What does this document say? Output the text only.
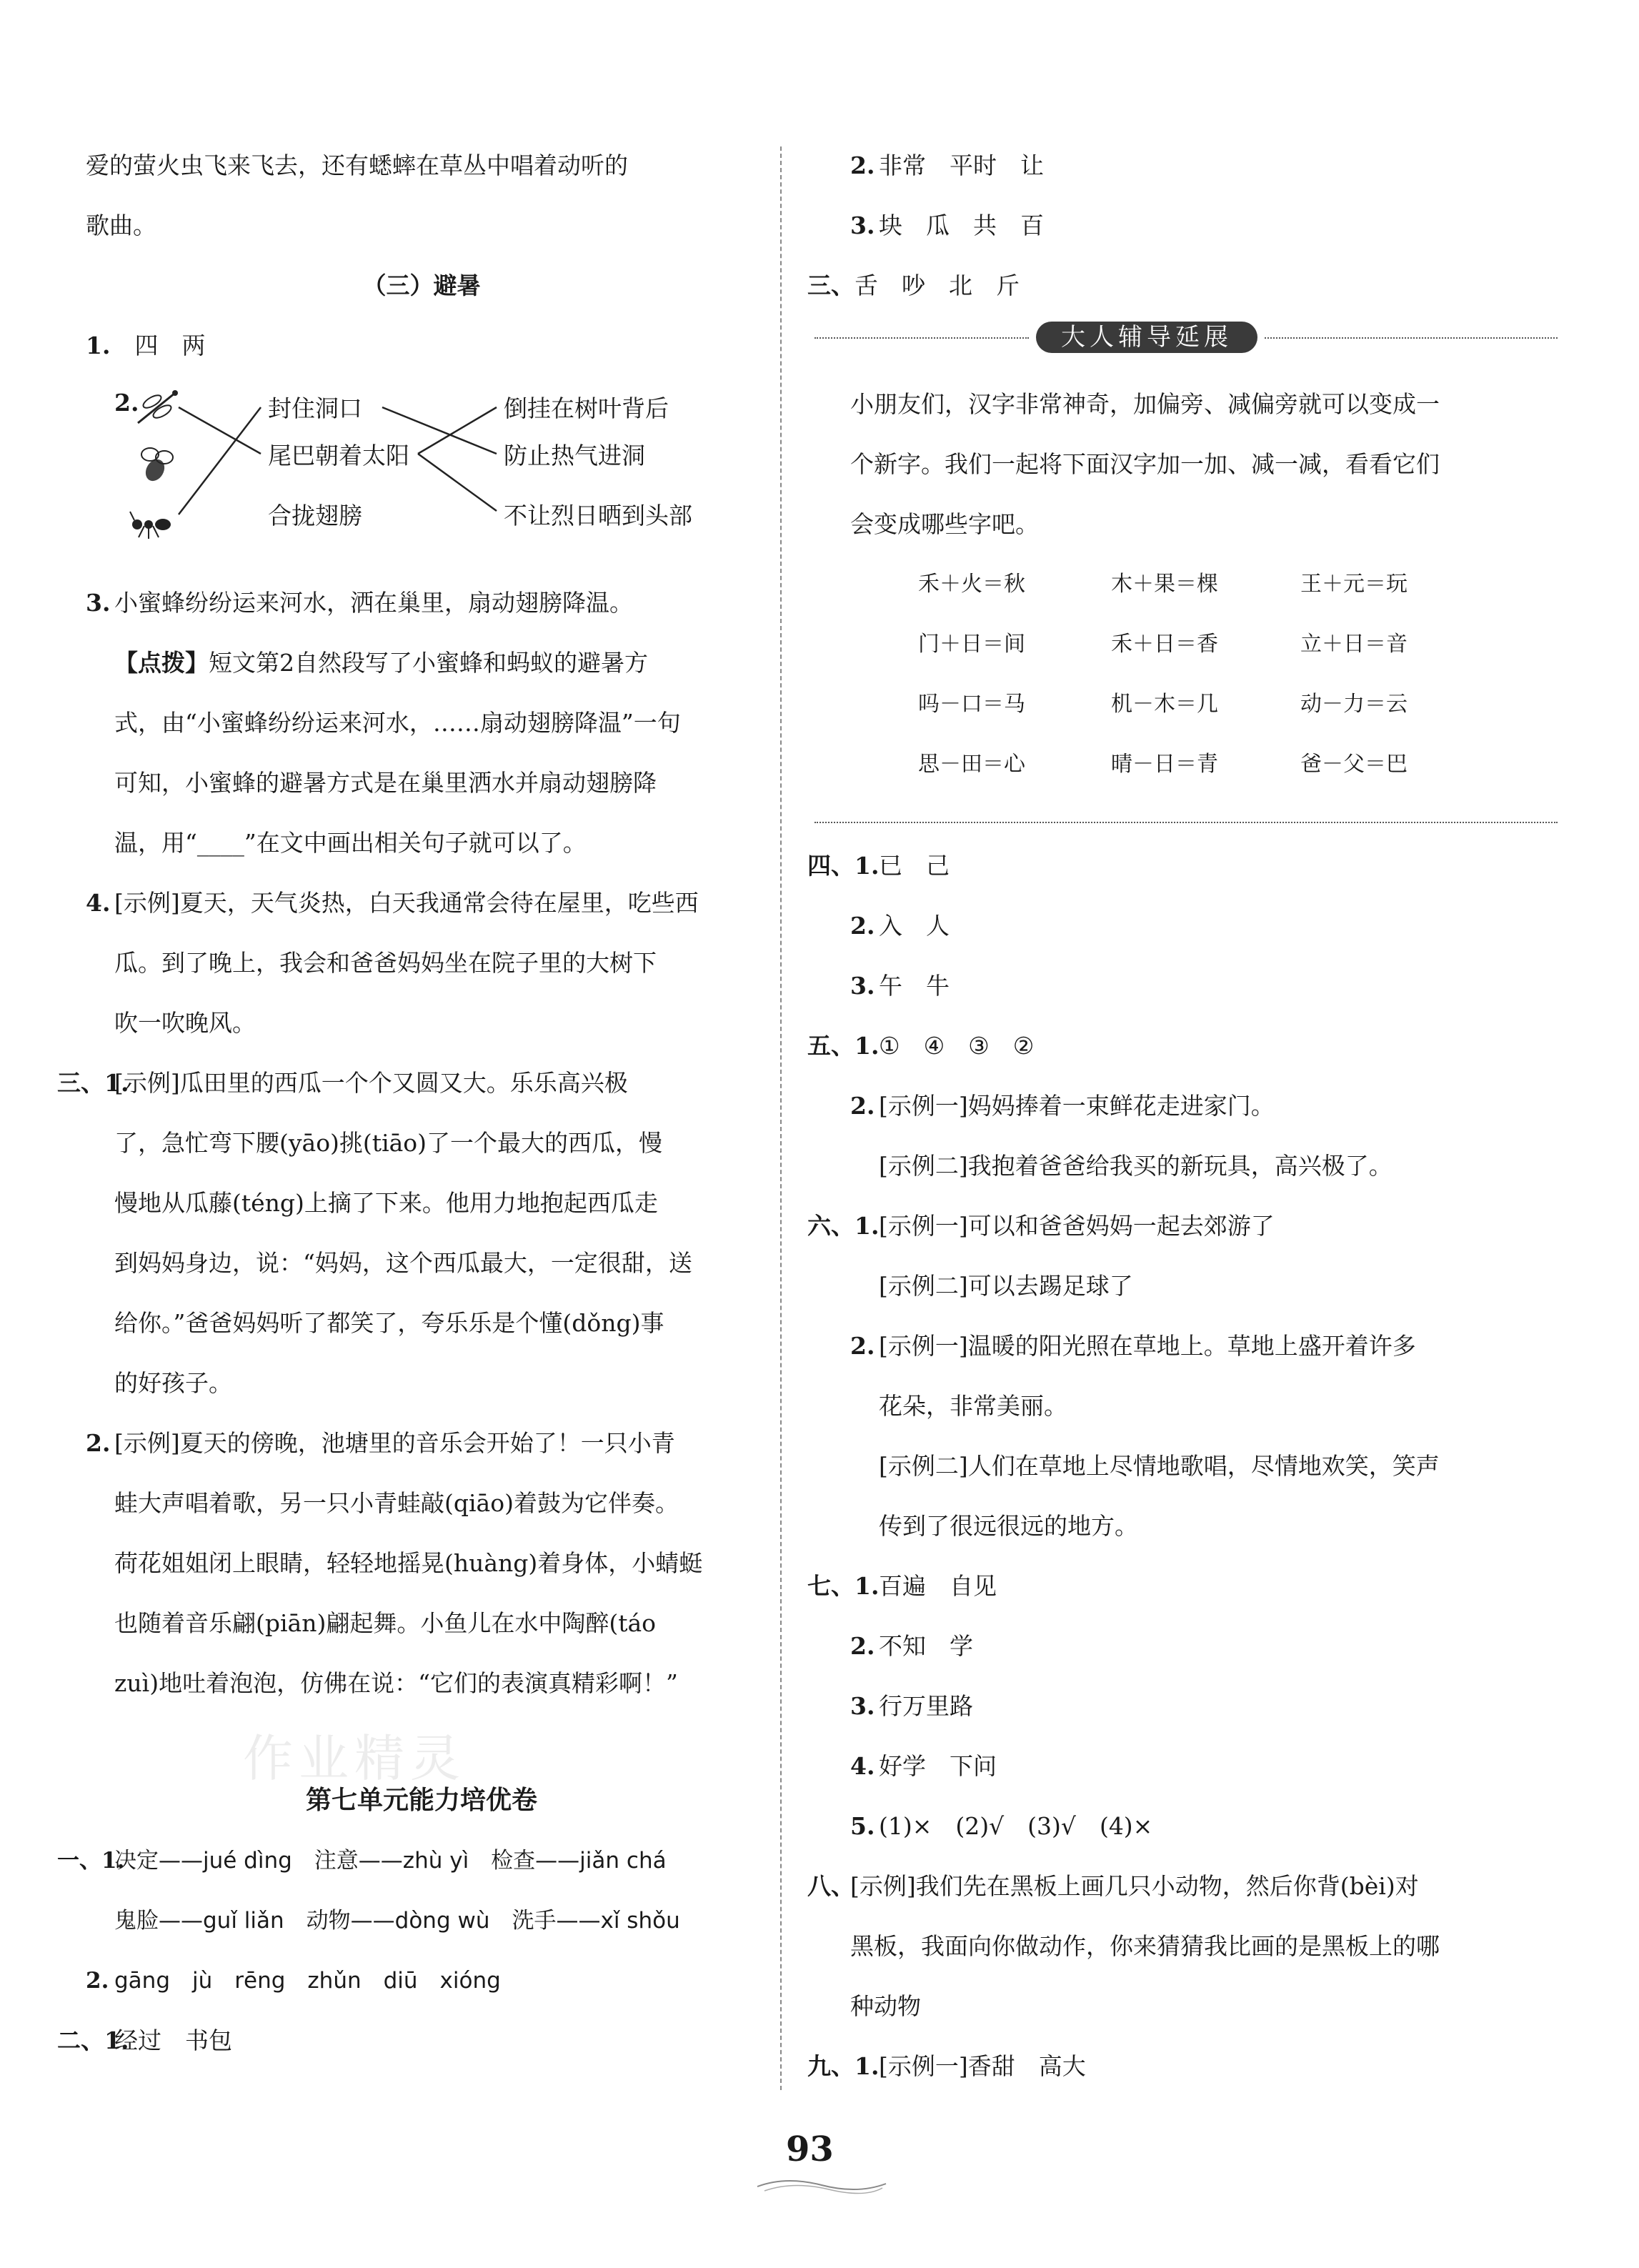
爱的萤火虫飞来飞去，还有蟋蟀在草丛中唱着动听的
歌曲。
（三）避暑
1. 四　两
2.	封住洞口
尾巴朝着太阳
合拢翅膀
倒挂在树叶背后
防止热气进洞
不让烈日晒到头部
3. 小蜜蜂纷纷运来河水，洒在巢里，扇动翅膀降温。
【点拨】短文第2自然段写了小蜜蜂和蚂蚁的避暑方
式，由“小蜜蜂纷纷运来河水，……扇动翅膀降温”一句
可知，小蜜蜂的避暑方式是在巢里洒水并扇动翅膀降
温，用“____”在文中画出相关句子就可以了。
4. [示例]夏天，天气炎热，白天我通常会待在屋里，吃些西
瓜。到了晚上，我会和爸爸妈妈坐在院子里的大树下
吹一吹晚风。
三、1.[示例]瓜田里的西瓜一个个又圆又大。乐乐高兴极
了，急忙弯下腰(yāo)挑(tiāo)了一个最大的西瓜，慢
慢地从瓜藤(téng)上摘了下来。他用力地抱起西瓜走
到妈妈身边，说：“妈妈，这个西瓜最大，一定很甜，送
给你。”爸爸妈妈听了都笑了，夸乐乐是个懂(dǒng)事
的好孩子。
2. [示例]夏天的傍晚，池塘里的音乐会开始了！一只小青
蛙大声唱着歌，另一只小青蛙敲(qiāo)着鼓为它伴奏。
荷花姐姐闭上眼睛，轻轻地摇晃(huàng)着身体，小蜻蜓
也随着音乐翩(piān)翩起舞。小鱼儿在水中陶醉(táo
zuì)地吐着泡泡，仿佛在说：“它们的表演真精彩啊！”
第七单元能力培优卷
一、1.决定——jué dìng　注意——zhù yì　检查——jiǎn chá
鬼脸——guǐ liǎn　动物——dòng wù　洗手——xǐ shǒu
2. gāng　jù　rēng　zhǔn　diū　xióng
二、1.经过　书包
作业精灵
2. 非常　平时　让
3. 块　瓜　共　百
三、舌　吵　北　斤
大人辅导延展
小朋友们，汉字非常神奇，加偏旁、减偏旁就可以变成一
个新字。我们一起将下面汉字加一加、减一减，看看它们
会变成哪些字吧。
禾＋火＝秋	木＋果＝棵	王＋元＝玩
门＋日＝间	禾＋日＝香	立＋日＝音
吗－口＝马	机－木＝几	动－力＝云
思－田＝心	晴－日＝青	爸－父＝巴
四、1.已　己
2. 入　人
3. 午　牛
五、1.①　④　③　②
2. [示例一]妈妈捧着一束鲜花走进家门。
[示例二]我抱着爸爸给我买的新玩具，高兴极了。
六、1.[示例一]可以和爸爸妈妈一起去郊游了
[示例二]可以去踢足球了
2. [示例一]温暖的阳光照在草地上。草地上盛开着许多
花朵，非常美丽。
[示例二]人们在草地上尽情地歌唱，尽情地欢笑，笑声
传到了很远很远的地方。
七、1.百遍　自见
2. 不知　学
3. 行万里路
4. 好学　下问
5. (1)×　(2)√　(3)√　(4)×
八、[示例]我们先在黑板上画几只小动物，然后你背(bèi)对
黑板，我面向你做动作，你来猜猜我比画的是黑板上的哪
种动物
九、1.[示例一]香甜　高大
93
